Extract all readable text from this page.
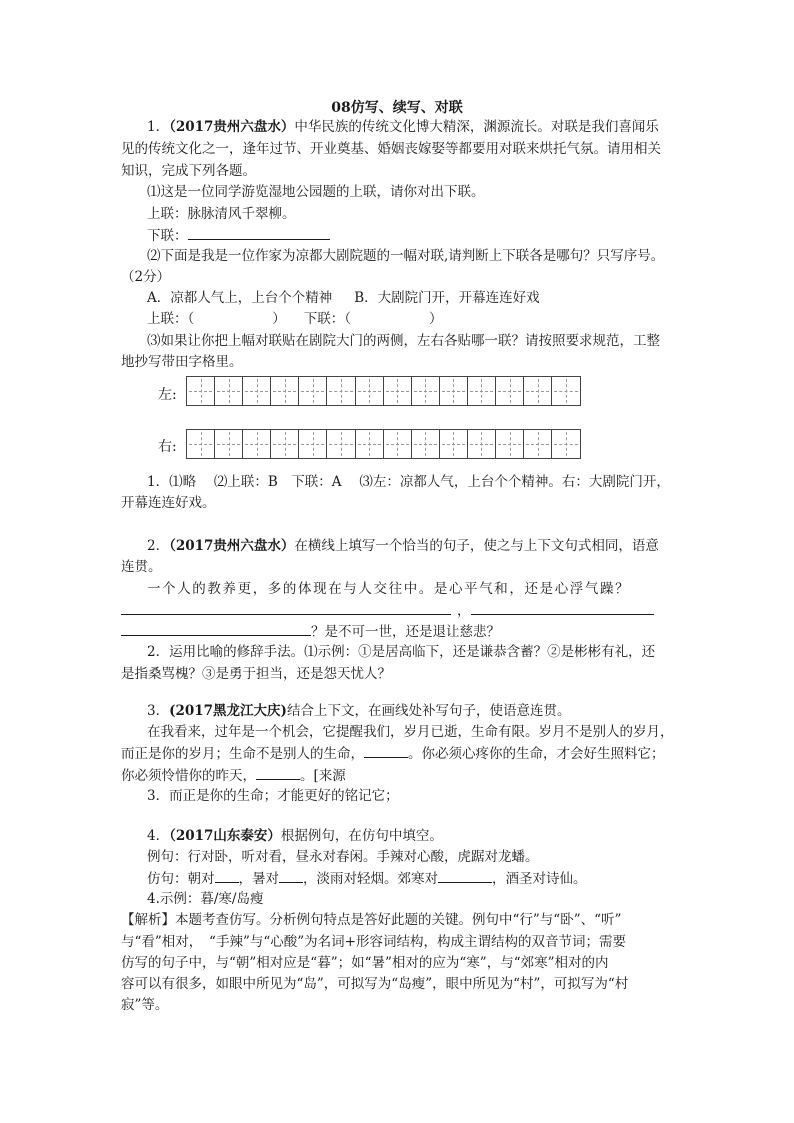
08仿写、续写、对联
1．（2017贵州六盘水）中华民族的传统文化博大精深，渊源流长。对联是我们喜闻乐
见的传统文化之一，逢年过节、开业奠基、婚姻丧嫁娶等都要用对联来烘托气氛。请用相关
知识，完成下列各题。
⑴这是一位同学游览湿地公园题的上联，请你对出下联。
上联：脉脉清风千翠柳。
下联：
⑵下面是我是一位作家为凉都大剧院题的一幅对联,请判断上下联各是哪句？只写序号。
（2分）
A．凉都人气上，上台个个精神 B．大剧院门开，开幕连连好戏
上联：（	） 下联：（	）
⑶如果让你把上幅对联贴在剧院大门的两侧，左右各贴哪一联？请按照要求规范，工整
地抄写带田字格里。
左:
右:
1．⑴略　 ⑵上联：B　下联：A　 ⑶左：凉都人气，上台个个精神。右：大剧院门开，
开幕连连好戏。
2．（2017贵州六盘水）在横线上填写一个恰当的句子，使之与上下文句式相同，语意
连贯。
一个人的教养更，多的体现在与人交往中。是心平气和，还是心浮气躁？
，
？是不可一世，还是退让慈悲？
2．运用比喻的修辞手法。⑴示例：①是居高临下，还是谦恭含蓄？②是彬彬有礼，还
是指桑骂槐？③是勇于担当，还是怨天忧人？
3．(2017黑龙江大庆)结合上下文，在画线处补写句子，使语意连贯。
在我看来，过年是一个机会，它提醒我们，岁月已逝，生命有限。岁月不是别人的岁月，
而正是你的岁月；生命不是别人的生命，	。你必须心疼你的生命，才会好生照料它；
你必须怜惜你的昨天，	。[来源
3．而正是你的生命；才能更好的铭记它；
4．（2017山东泰安）根据例句，在仿句中填空。
例句：行对卧，听对看，昼永对春闲。手辣对心酸，虎踞对龙蟠。
仿句：朝对 ，暑对 ，淡雨对轻烟。郊寒对	，酒圣对诗仙。
4.示例：暮/寒/岛瘦
【解析】本题考查仿写。分析例句特点是答好此题的关键。例句中“行”与“卧”、“听”
与“看”相对，　“手辣”与“心酸”为名词+形容词结构，构成主谓结构的双音节词；需要
仿写的句子中，与“朝”相对应是“暮”；如“暑”相对的应为“寒”，与“郊寒”相对的内
容可以有很多，如眼中所见为“岛”，可拟写为“岛瘦”，眼中所见为“村”，可拟写为“村
寂”等。
